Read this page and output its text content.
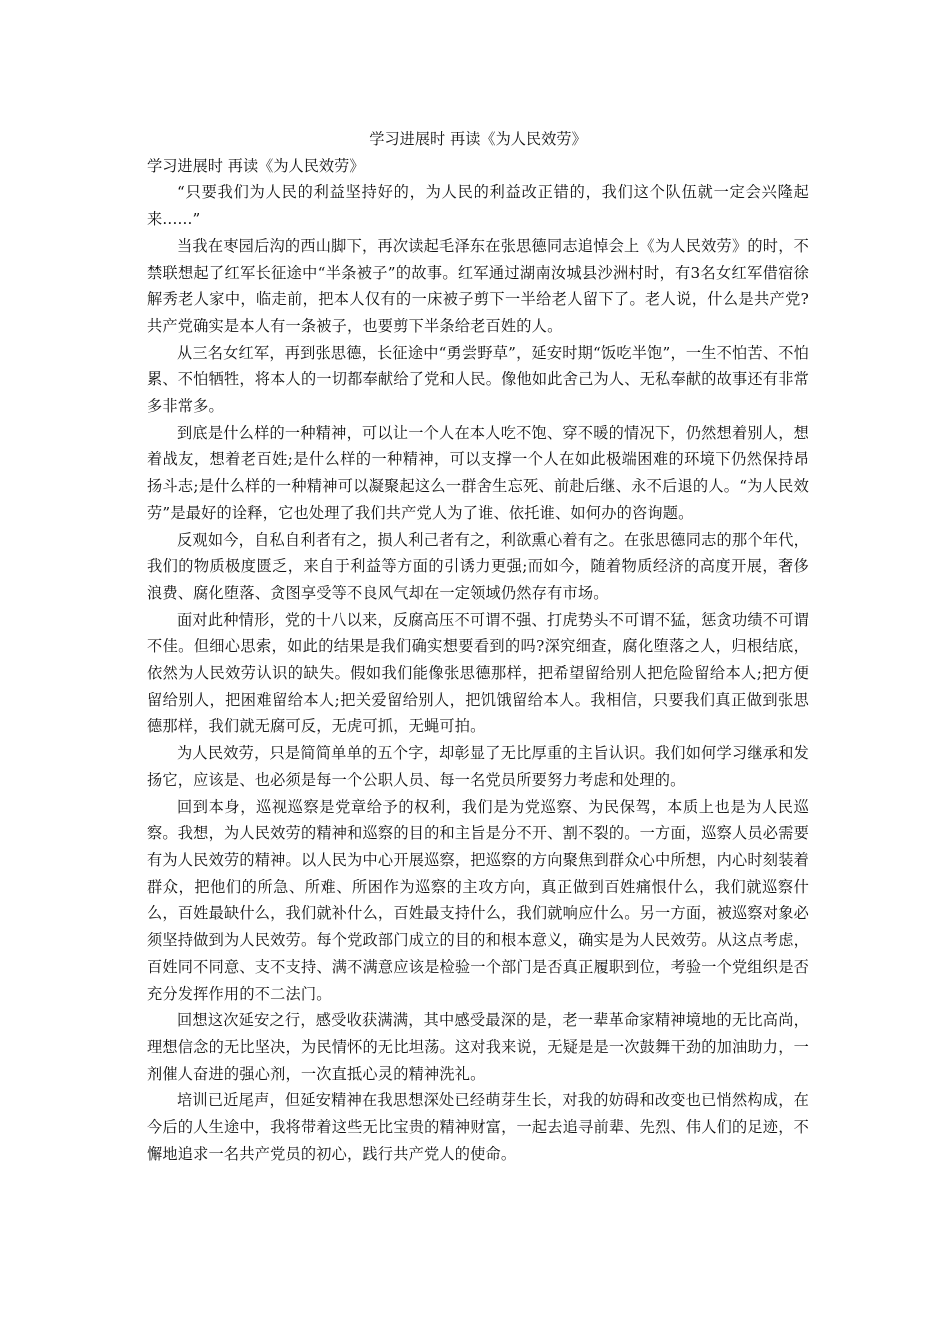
学习进展时 再读《为人民效劳》

学习进展时 再读《为人民效劳》

“只要我们为人民的利益坚持好的，为人民的利益改正错的，我们这个队伍就一定会兴隆起来......”

当我在枣园后沟的西山脚下，再次读起毛泽东在张思德同志追悼会上《为人民效劳》的时，不禁联想起了红军长征途中“半条被子”的故事。红军通过湖南汝城县沙洲村时，有3名女红军借宿徐解秀老人家中，临走前，把本人仅有的一床被子剪下一半给老人留下了。老人说，什么是共产党?共产党确实是本人有一条被子，也要剪下半条给老百姓的人。

从三名女红军，再到张思德，长征途中“勇尝野草”，延安时期“饭吃半饱”，一生不怕苦、不怕累、不怕牺牲，将本人的一切都奉献给了党和人民。像他如此舍己为人、无私奉献的故事还有非常多非常多。

到底是什么样的一种精神，可以让一个人在本人吃不饱、穿不暖的情况下，仍然想着别人，想着战友，想着老百姓;是什么样的一种精神，可以支撑一个人在如此极端困难的环境下仍然保持昂扬斗志;是什么样的一种精神可以凝聚起这么一群舍生忘死、前赴后继、永不后退的人。“为人民效劳”是最好的诠释，它也处理了我们共产党人为了谁、依托谁、如何办的咨询题。

反观如今，自私自利者有之，损人利己者有之，利欲熏心着有之。在张思德同志的那个年代，我们的物质极度匮乏，来自于利益等方面的引诱力更强;而如今，随着物质经济的高度开展，奢侈浪费、腐化堕落、贪图享受等不良风气却在一定领域仍然存有市场。

面对此种情形，党的十八以来，反腐高压不可谓不强、打虎势头不可谓不猛，惩贪功绩不可谓不佳。但细心思索，如此的结果是我们确实想要看到的吗?深究细查，腐化堕落之人，归根结底，依然为人民效劳认识的缺失。假如我们能像张思德那样，把希望留给别人把危险留给本人;把方便留给别人，把困难留给本人;把关爱留给别人，把饥饿留给本人。我相信，只要我们真正做到张思德那样，我们就无腐可反，无虎可抓，无蝇可拍。

为人民效劳，只是简简单单的五个字，却彰显了无比厚重的主旨认识。我们如何学习继承和发扬它，应该是、也必须是每一个公职人员、每一名党员所要努力考虑和处理的。

回到本身，巡视巡察是党章给予的权利，我们是为党巡察、为民保驾，本质上也是为人民巡察。我想，为人民效劳的精神和巡察的目的和主旨是分不开、割不裂的。一方面，巡察人员必需要有为人民效劳的精神。以人民为中心开展巡察，把巡察的方向聚焦到群众心中所想，内心时刻装着群众，把他们的所急、所难、所困作为巡察的主攻方向，真正做到百姓痛恨什么，我们就巡察什么，百姓最缺什么，我们就补什么，百姓最支持什么，我们就响应什么。另一方面，被巡察对象必须坚持做到为人民效劳。每个党政部门成立的目的和根本意义，确实是为人民效劳。从这点考虑，百姓同不同意、支不支持、满不满意应该是检验一个部门是否真正履职到位，考验一个党组织是否充分发挥作用的不二法门。

回想这次延安之行，感受收获满满，其中感受最深的是，老一辈革命家精神境地的无比高尚，理想信念的无比坚决，为民情怀的无比坦荡。这对我来说，无疑是是一次鼓舞干劲的加油助力，一剂催人奋进的强心剂，一次直抵心灵的精神洗礼。

培训已近尾声，但延安精神在我思想深处已经萌芽生长，对我的妨碍和改变也已悄然构成，在今后的人生途中，我将带着这些无比宝贵的精神财富，一起去追寻前辈、先烈、伟人们的足迹，不懈地追求一名共产党员的初心，践行共产党人的使命。
